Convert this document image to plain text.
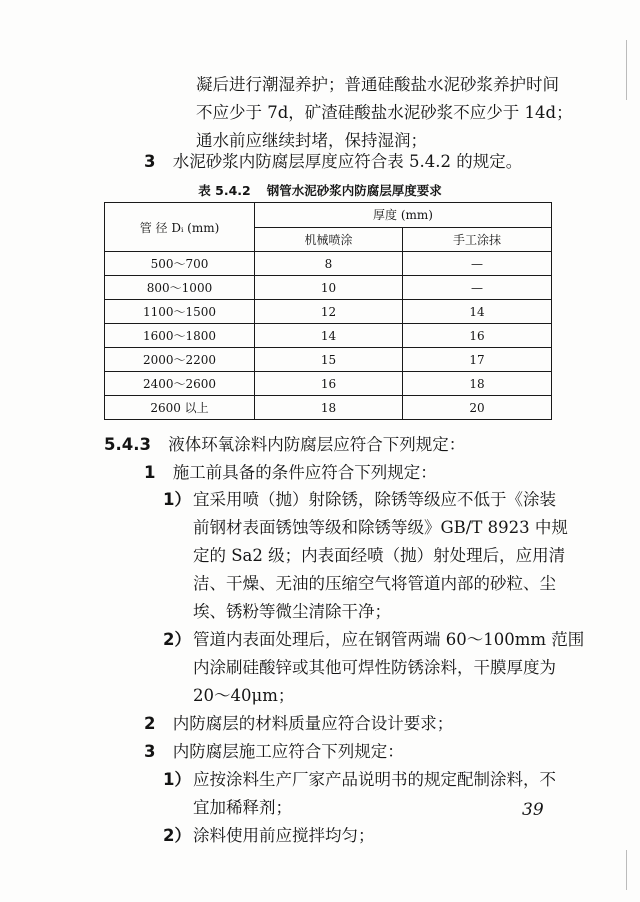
凝后进行潮湿养护；普通硅酸盐水泥砂浆养护时间
不应少于 7d，矿渣硅酸盐水泥砂浆不应少于 14d；
通水前应继续封堵，保持湿润；
3 水泥砂浆内防腐层厚度应符合表 5.4.2 的规定。
表 5.4.2 钢管水泥砂浆内防腐层厚度要求
管 径 Dᵢ (mm)	厚度 (mm)	
	机械喷涂	手工涂抹
500～700	8	—
800～1000	10	—
1100～1500	12	14
1600～1800	14	16
2000～2200	15	17
2400～2600	16	18
2600 以上	18	20
5.4.3 液体环氧涂料内防腐层应符合下列规定：
1 施工前具备的条件应符合下列规定：
1） 宜采用喷（抛）射除锈，除锈等级应不低于《涂装
前钢材表面锈蚀等级和除锈等级》GB/T 8923 中规
定的 Sa2 级；内表面经喷（抛）射处理后，应用清
洁、干燥、无油的压缩空气将管道内部的砂粒、尘
埃、锈粉等微尘清除干净；
2） 管道内表面处理后，应在钢管两端 60～100mm 范围
内涂刷硅酸锌或其他可焊性防锈涂料，干膜厚度为
20～40μm；
2 内防腐层的材料质量应符合设计要求；
3 内防腐层施工应符合下列规定：
1） 应按涂料生产厂家产品说明书的规定配制涂料，不
宜加稀释剂；
2） 涂料使用前应搅拌均匀；
39
